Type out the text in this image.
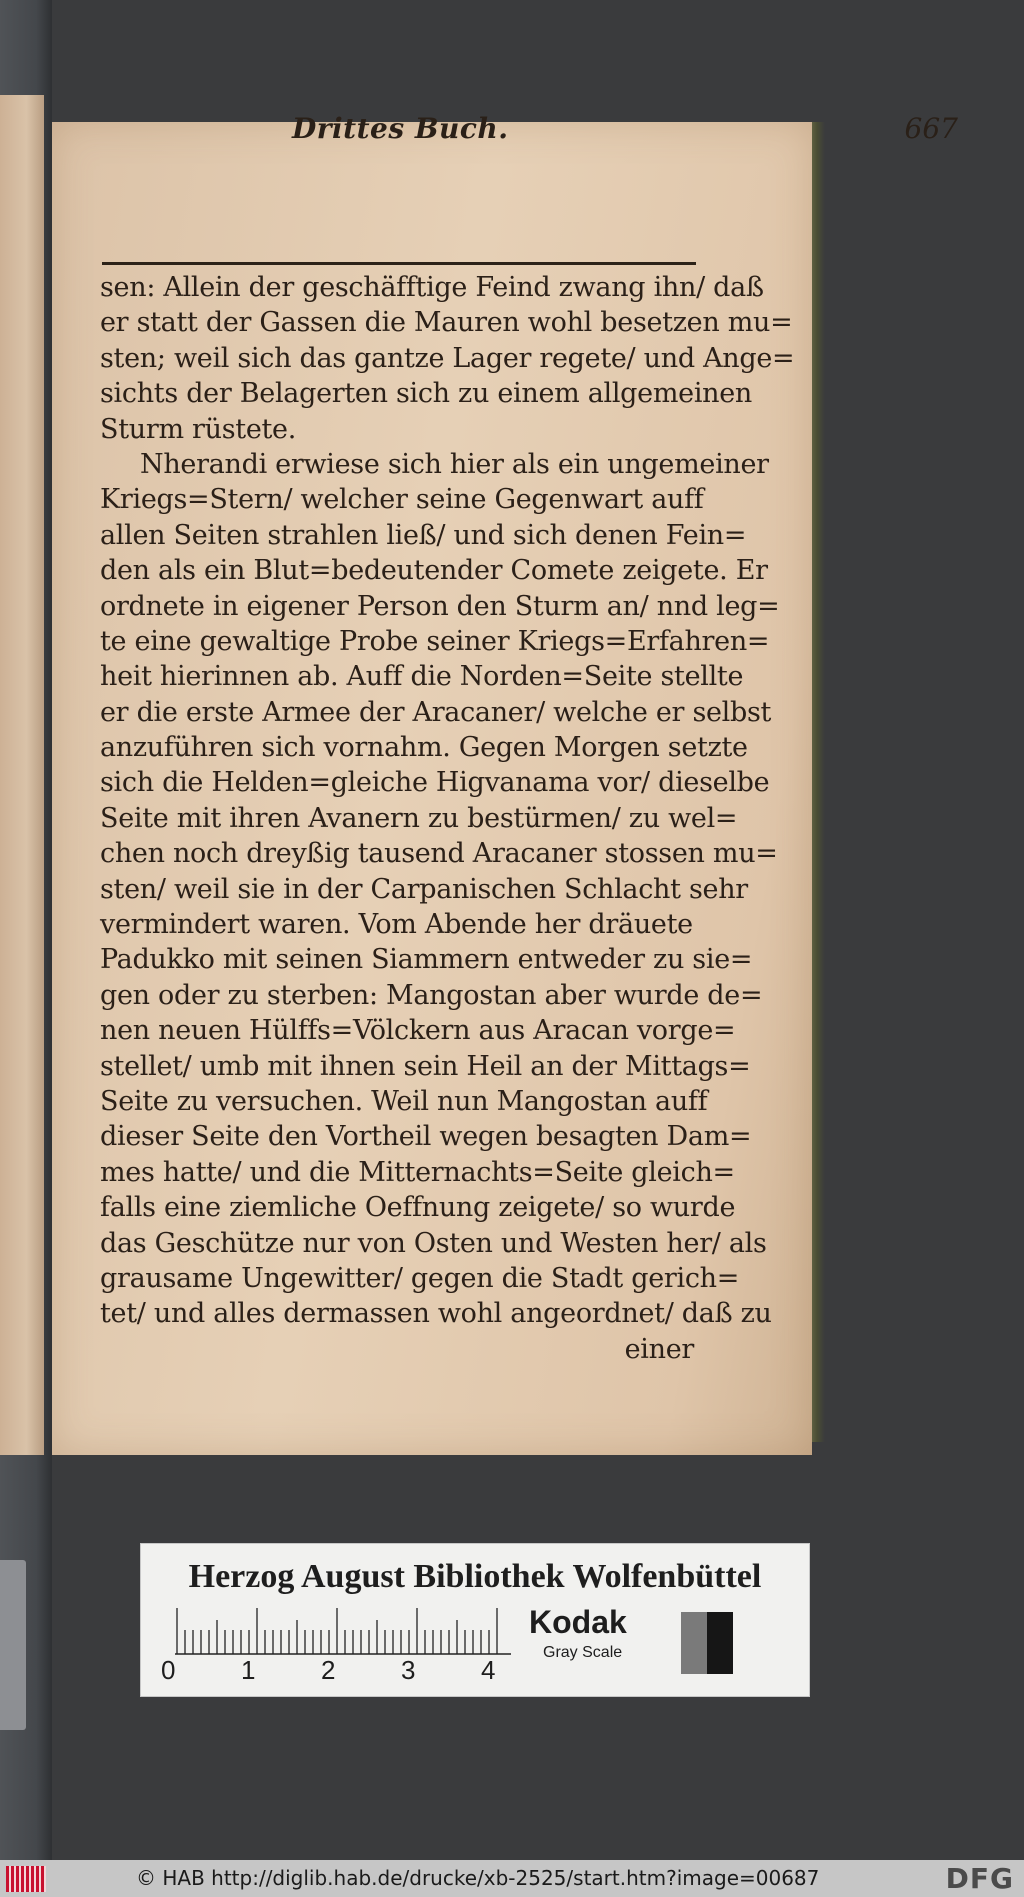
Drittes Buch.	667
sen: Allein der geschäfftige Feind zwang ihn/ daß
er statt der Gassen die Mauren wohl besetzen mu=
sten; weil sich das gantze Lager regete/ und Ange=
sichts der Belagerten sich zu einem allgemeinen
Sturm rüstete.
Nherandi erwiese sich hier als ein ungemeiner
Kriegs=Stern/ welcher seine Gegenwart auff
allen Seiten strahlen ließ/ und sich denen Fein=
den als ein Blut=bedeutender Comete zeigete. Er
ordnete in eigener Person den Sturm an/ nnd leg=
te eine gewaltige Probe seiner Kriegs=Erfahren=
heit hierinnen ab. Auff die Norden=Seite stellte
er die erste Armee der Aracaner/ welche er selbst
anzuführen sich vornahm. Gegen Morgen setzte
sich die Helden=gleiche Higvanama vor/ dieselbe
Seite mit ihren Avanern zu bestürmen/ zu wel=
chen noch dreyßig tausend Aracaner stossen mu=
sten/ weil sie in der Carpanischen Schlacht sehr
vermindert waren. Vom Abende her dräuete
Padukko mit seinen Siammern entweder zu sie=
gen oder zu sterben: Mangostan aber wurde de=
nen neuen Hülffs=Völckern aus Aracan vorge=
stellet/ umb mit ihnen sein Heil an der Mittags=
Seite zu versuchen. Weil nun Mangostan auff
dieser Seite den Vortheil wegen besagten Dam=
mes hatte/ und die Mitternachts=Seite gleich=
falls eine ziemliche Oeffnung zeigete/ so wurde
das Geschütze nur von Osten und Westen her/ als
grausame Ungewitter/ gegen die Stadt gerich=
tet/ und alles dermassen wohl angeordnet/ daß zu
einer
Herzog August Bibliothek Wolfenbüttel
0	1	2	3	4
Kodak
Gray Scale
© HAB http://diglib.hab.de/drucke/xb-2525/start.htm?image=00687	DFG
